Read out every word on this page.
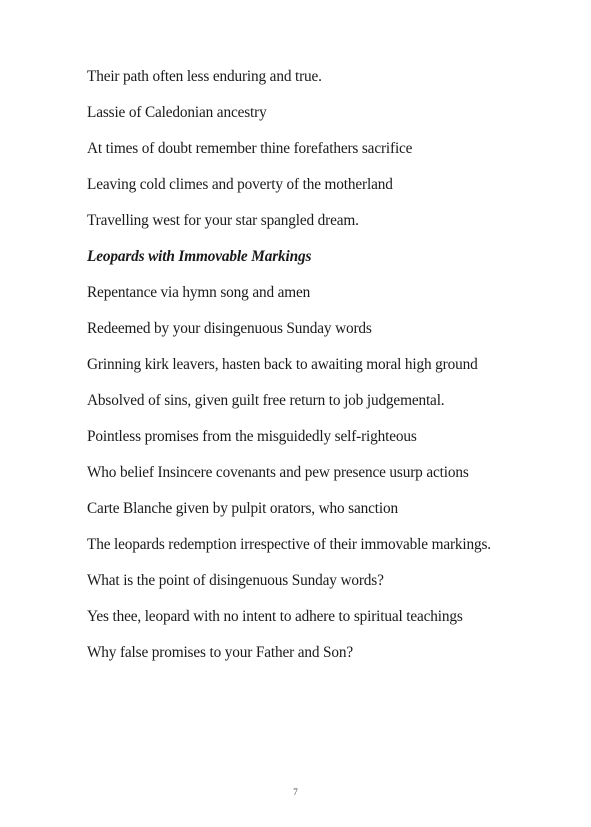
Their path often less enduring and true.

Lassie of Caledonian ancestry

At times of doubt remember thine forefathers sacrifice

Leaving cold climes and poverty of the motherland

Travelling west for your star spangled dream.

Leopards with Immovable Markings

Repentance via hymn song and amen

Redeemed by your disingenuous Sunday words

Grinning kirk leavers, hasten back to awaiting moral high ground

Absolved of sins, given guilt free return to job judgemental.

Pointless promises from the misguidedly self-righteous

Who belief Insincere covenants and pew presence usurp actions

Carte Blanche given by pulpit orators, who sanction

The leopards redemption irrespective of their immovable markings.

What is the point of disingenuous Sunday words?

Yes thee, leopard with no intent to adhere to spiritual teachings

Why false promises to your Father and Son?

7
